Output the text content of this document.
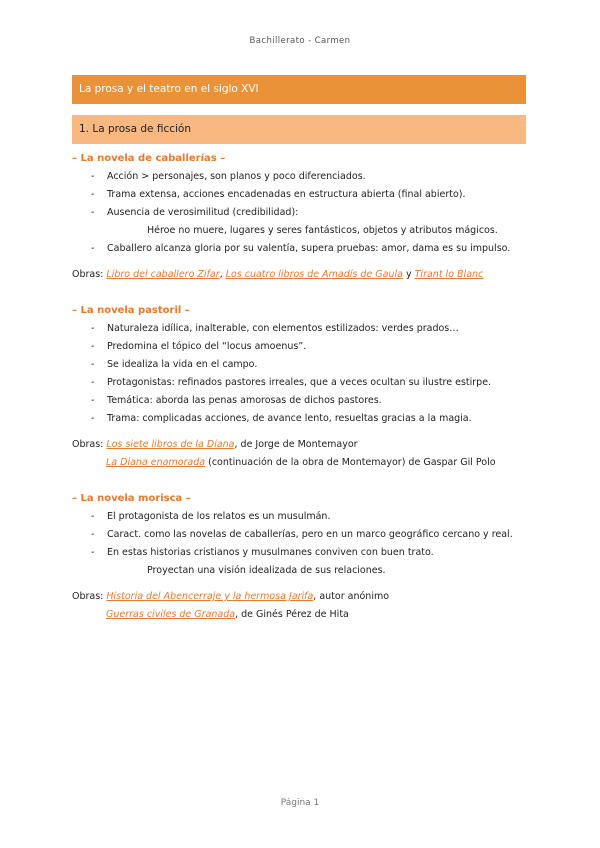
Bachillerato - Carmen
La prosa y el teatro en el siglo XVI
1. La prosa de ficción
– La novela de caballerías –
- Acción > personajes, son planos y poco diferenciados.
- Trama extensa, acciones encadenadas en estructura abierta (final abierto).
- Ausencia de verosimilitud (credibilidad):
Héroe no muere, lugares y seres fantásticos, objetos y atributos mágicos.
- Caballero alcanza gloria por su valentía, supera pruebas: amor, dama es su impulso.
Obras: Libro del caballero Zifar, Los cuatro libros de Amadís de Gaula y Tirant lo Blanc
– La novela pastoril –
- Naturaleza idílica, inalterable, con elementos estilizados: verdes prados…
- Predomina el tópico del “locus amoenus”.
- Se idealiza la vida en el campo.
- Protagonistas: refinados pastores irreales, que a veces ocultan su ilustre estirpe.
- Temática: aborda las penas amorosas de dichos pastores.
- Trama: complicadas acciones, de avance lento, resueltas gracias a la magia.
Obras: Los siete libros de la Diana, de Jorge de Montemayor
La Diana enamorada (continuación de la obra de Montemayor) de Gaspar Gil Polo
– La novela morisca –
- El protagonista de los relatos es un musulmán.
- Caract. como las novelas de caballerías, pero en un marco geográfico cercano y real.
- En estas historias cristianos y musulmanes conviven con buen trato.
Proyectan una visión idealizada de sus relaciones.
Obras: Historia del Abencerraje y la hermosa Jarifa, autor anónimo
Guerras civiles de Granada, de Ginés Pérez de Hita
Página 1
